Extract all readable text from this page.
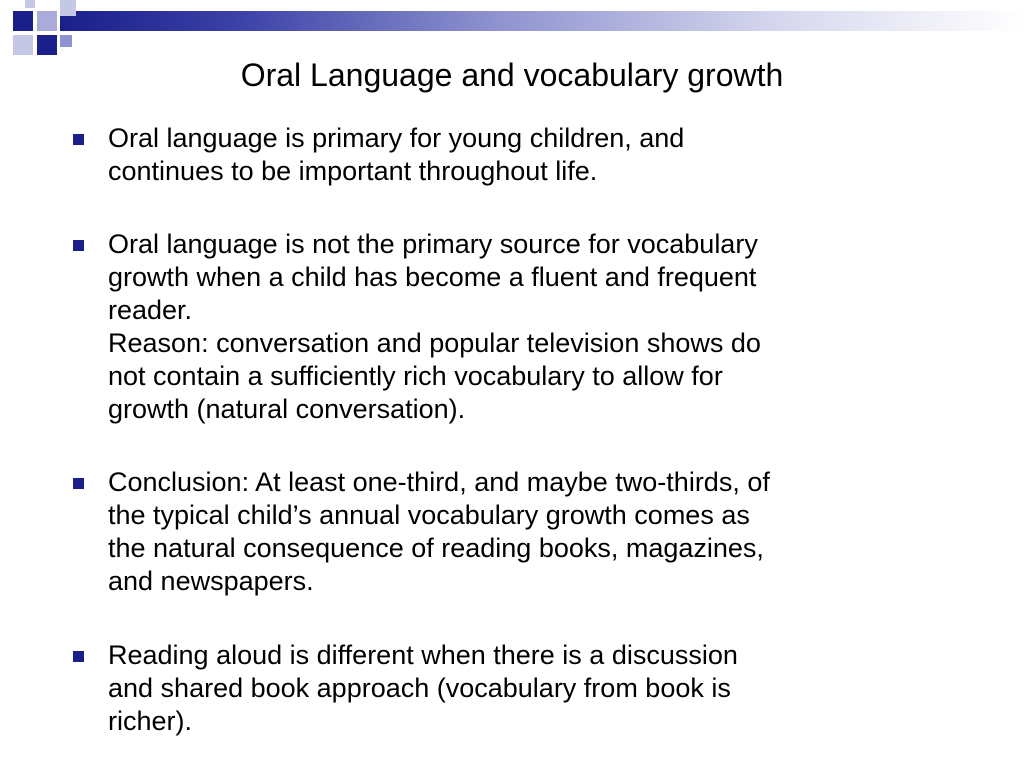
Oral Language and vocabulary growth
Oral language is primary for young children, and
continues to be important throughout life.
Oral language is not the primary source for vocabulary
growth when a child has become a fluent and frequent
reader.
Reason: conversation and popular television shows do
not contain a sufficiently rich vocabulary to allow for
growth (natural conversation).
Conclusion: At least one-third, and maybe two-thirds, of
the typical child’s annual vocabulary growth comes as
the natural consequence of reading books, magazines,
and newspapers.
Reading aloud is different when there is a discussion
and shared book approach (vocabulary from book is
richer).
